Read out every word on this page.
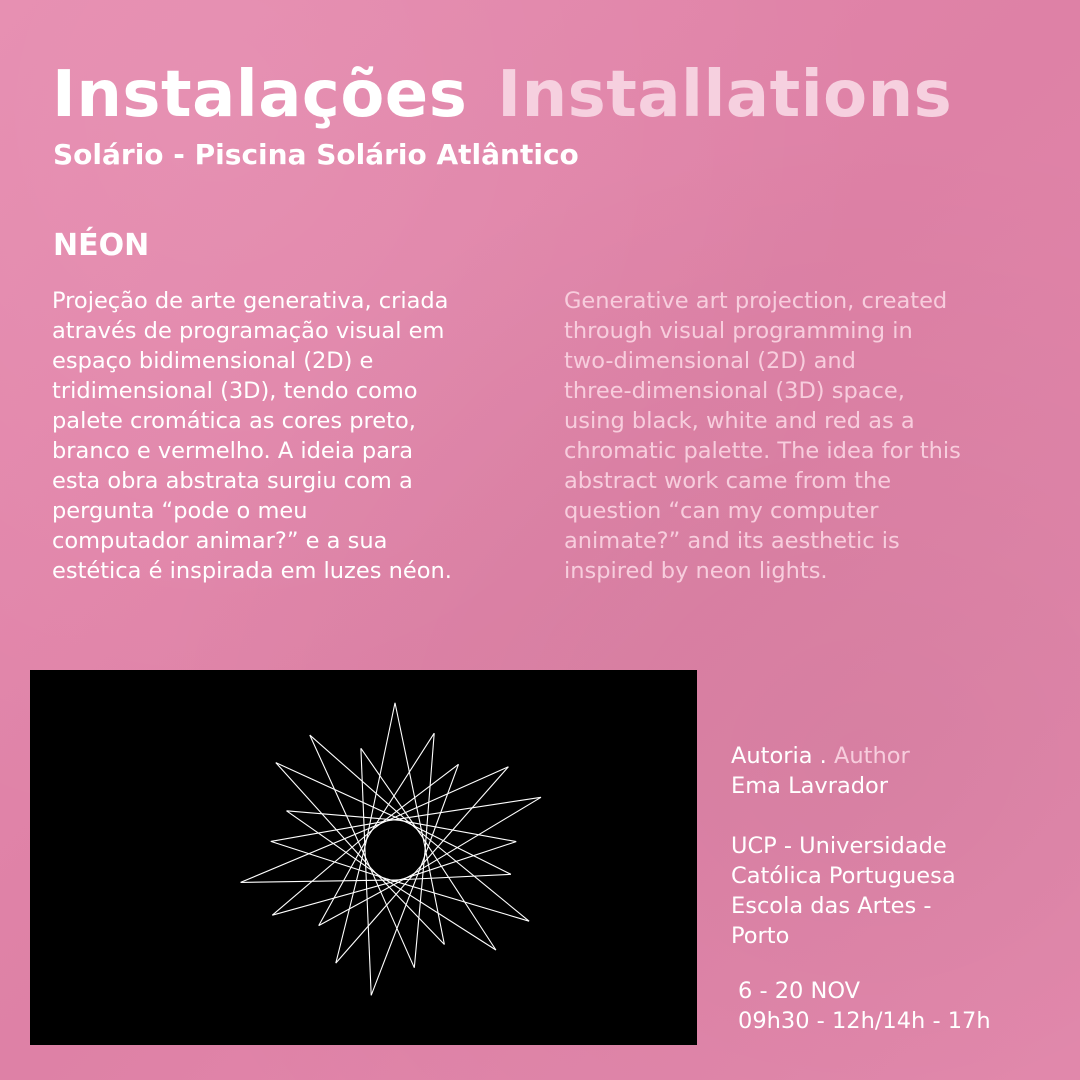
Instalações Installations
Solário - Piscina Solário Atlântico
NÉON

Projeção de arte generativa, criada
através de programação visual em
espaço bidimensional (2D) e
tridimensional (3D), tendo como
palete cromática as cores preto,
branco e vermelho. A ideia para
esta obra abstrata surgiu com a
pergunta “pode o meu
computador animar?” e a sua
estética é inspirada em luzes néon.

Generative art projection, created
through visual programming in
two-dimensional (2D) and
three-dimensional (3D) space,
using black, white and red as a
chromatic palette. The idea for this
abstract work came from the
question “can my computer
animate?” and its aesthetic is
inspired by neon lights.

Autoria . Author

Ema Lavrador

UCP - Universidade

Católica Portuguesa

Escola das Artes -

Porto

6 - 20 NOV
09h30 - 12h/14h - 17h
